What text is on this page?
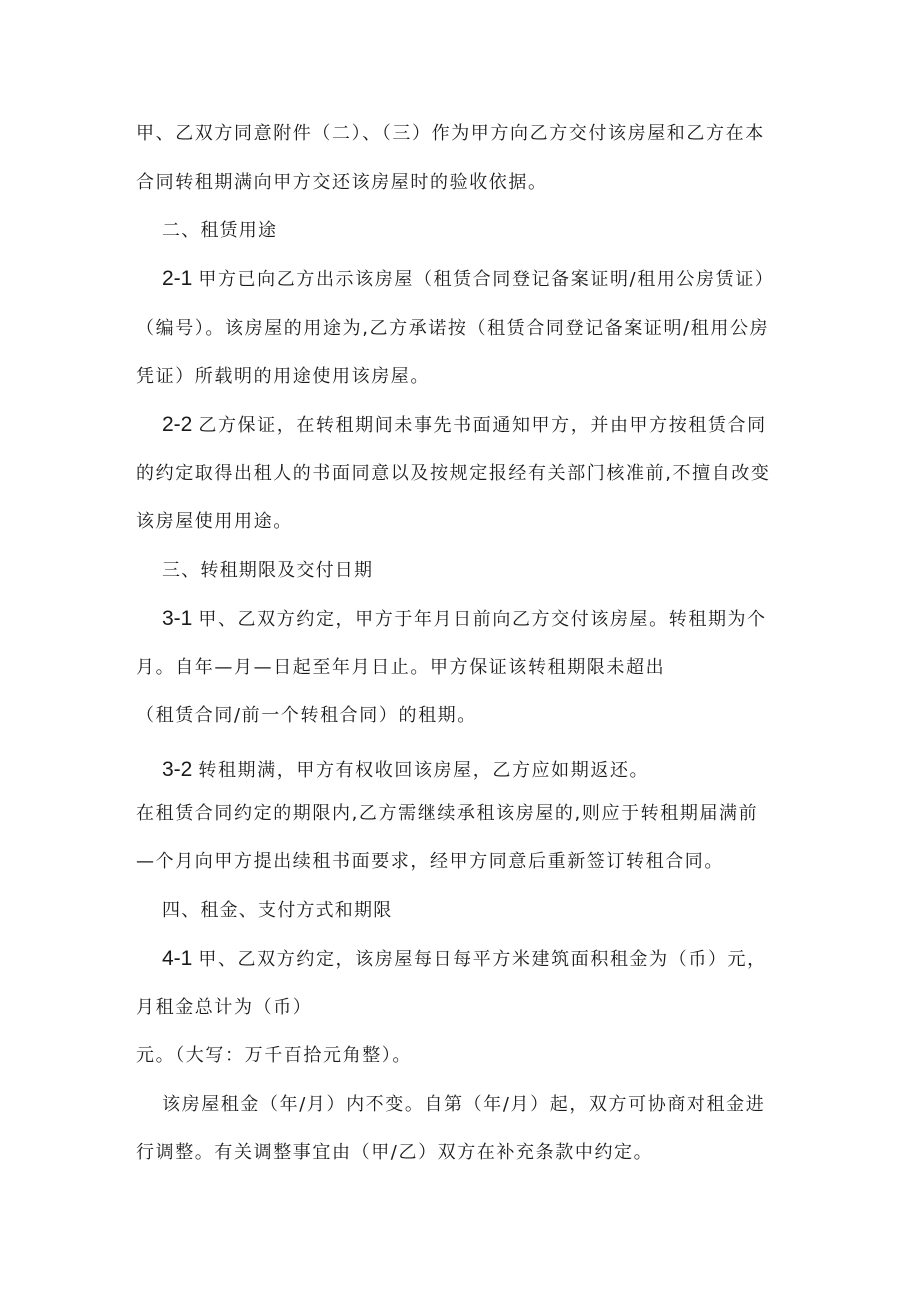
甲、乙双方同意附件（二）、（三）作为甲方向乙方交付该房屋和乙方在本
合同转租期满向甲方交还该房屋时的验收依据。
二、租赁用途
2-1 甲方已向乙方出示该房屋（租赁合同登记备案证明/租用公房赁证）
（编号）。该房屋的用途为,乙方承诺按（租赁合同登记备案证明/租用公房
凭证）所载明的用途使用该房屋。
2-2 乙方保证，在转租期间未事先书面通知甲方，并由甲方按租赁合同
的约定取得出租人的书面同意以及按规定报经有关部门核准前,不擅自改变
该房屋使用用途。
三、转租期限及交付日期
3-1 甲、乙双方约定，甲方于年月日前向乙方交付该房屋。转租期为个
月。自年—月—日起至年月日止。甲方保证该转租期限未超出
（租赁合同/前一个转租合同）的租期。
3-2 转租期满，甲方有权收回该房屋，乙方应如期返还。
在租赁合同约定的期限内,乙方需继续承租该房屋的,则应于转租期届满前
—个月向甲方提出续租书面要求，经甲方同意后重新签订转租合同。
四、租金、支付方式和期限
4-1 甲、乙双方约定，该房屋每日每平方米建筑面积租金为（币）元，
月租金总计为（币）
元。（大写：万千百拾元角整）。
该房屋租金（年/月）内不变。自第（年/月）起，双方可协商对租金进
行调整。有关调整事宜由（甲/乙）双方在补充条款中约定。
